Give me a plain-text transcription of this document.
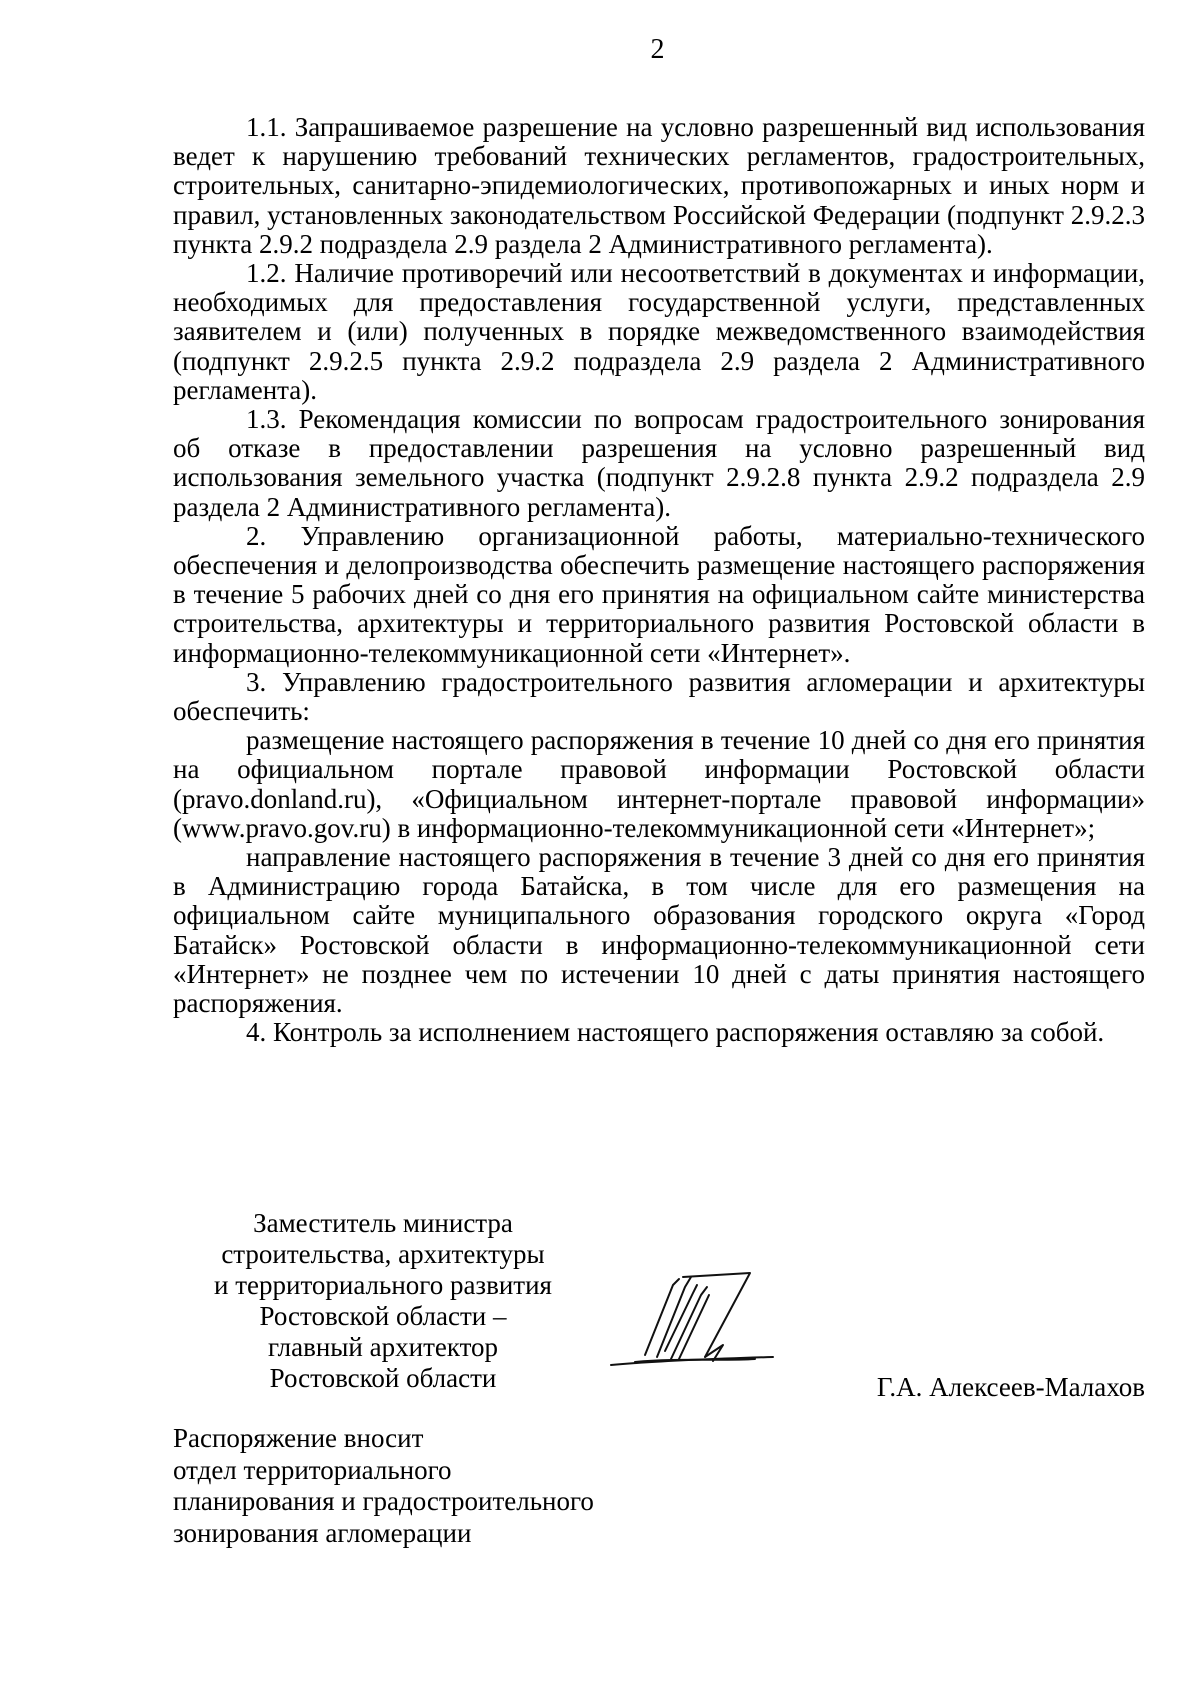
2

1.1. Запрашиваемое разрешение на условно разрешенный вид использования ведет к нарушению требований технических регламентов, градостроительных, строительных, санитарно-эпидемиологических, противопожарных и иных норм и правил, установленных законодательством Российской Федерации (подпункт 2.9.2.3 пункта 2.9.2 подраздела 2.9 раздела 2 Административного регламента).

1.2. Наличие противоречий или несоответствий в документах и информации, необходимых для предоставления государственной услуги, представленных заявителем и (или) полученных в порядке межведомственного взаимодействия (подпункт 2.9.2.5 пункта 2.9.2 подраздела 2.9 раздела 2 Административного регламента).

1.3. Рекомендация комиссии по вопросам градостроительного зонирования об отказе в предоставлении разрешения на условно разрешенный вид использования земельного участка (подпункт 2.9.2.8 пункта 2.9.2 подраздела 2.9 раздела 2 Административного регламента).

2. Управлению организационной работы, материально-технического обеспечения и делопроизводства обеспечить размещение настоящего распоряжения в течение 5 рабочих дней со дня его принятия на официальном сайте министерства строительства, архитектуры и территориального развития Ростовской области в информационно-телекоммуникационной сети «Интернет».

3. Управлению градостроительного развития агломерации и архитектуры обеспечить:

размещение настоящего распоряжения в течение 10 дней со дня его принятия на официальном портале правовой информации Ростовской области (pravo.donland.ru), «Официальном интернет-портале правовой информации» (www.pravo.gov.ru) в информационно-телекоммуникационной сети «Интернет»;

направление настоящего распоряжения в течение 3 дней со дня его принятия в Администрацию города Батайска, в том числе для его размещения на официальном сайте муниципального образования городского округа «Город Батайск» Ростовской области в информационно-телекоммуникационной сети «Интернет» не позднее чем по истечении 10 дней с даты принятия настоящего распоряжения.

4. Контроль за исполнением настоящего распоряжения оставляю за собой.

Заместитель министра
строительства, архитектуры
и территориального развития
Ростовской области –
главный архитектор
Ростовской области	Г.А. Алексеев-Малахов
Распоряжение вносит
отдел территориального
планирования и градостроительного
зонирования агломерации
